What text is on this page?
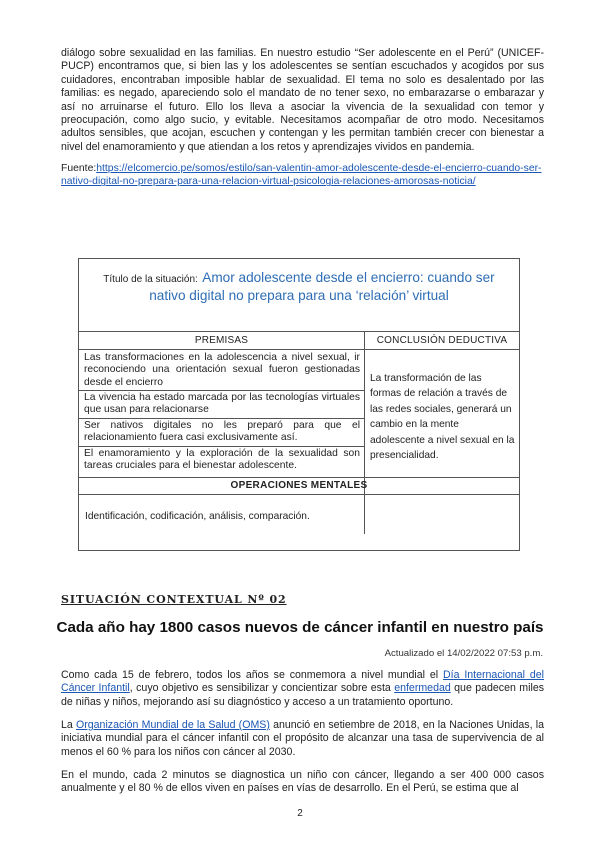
diálogo sobre sexualidad en las familias. En nuestro estudio “Ser adolescente en el Perú” (UNICEF-PUCP) encontramos que, si bien las y los adolescentes se sentían escuchados y acogidos por sus cuidadores, encontraban imposible hablar de sexualidad. El tema no solo es desalentado por las familias: es negado, apareciendo solo el mandato de no tener sexo, no embarazarse o embarazar y así no arruinarse el futuro. Ello los lleva a asociar la vivencia de la sexualidad con temor y preocupación, como algo sucio, y evitable. Necesitamos acompañar de otro modo. Necesitamos adultos sensibles, que acojan, escuchen y contengan y les permitan también crecer con bienestar a nivel del enamoramiento y que atiendan a los retos y aprendizajes vividos en pandemia.

Fuente:https://elcomercio.pe/somos/estilo/san-valentin-amor-adolescente-desde-el-encierro-cuando-ser-nativo-digital-no-prepara-para-una-relacion-virtual-psicologia-relaciones-amorosas-noticia/

Título de la situación: Amor adolescente desde el encierro: cuando ser
nativo digital no prepara para una ‘relación’ virtual
PREMISAS	CONCLUSIÓN DEDUCTIVA
Las transformaciones en la adolescencia a nivel sexual, ir reconociendo una orientación sexual fueron gestionadas desde el encierro
La vivencia ha estado marcada por las tecnologías virtuales que usan para relacionarse
Ser nativos digitales no les preparó para que el relacionamiento fuera casi exclusivamente así.
El enamoramiento y la exploración de la sexualidad son tareas cruciales para el bienestar adolescente.
La transformación de las formas de relación a través de las redes sociales, generará un cambio en la mente adolescente a nivel sexual en la presencialidad.
OPERACIONES MENTALES
Identificación, codificación, análisis, comparación.
SITUACIÓN CONTEXTUAL Nº 02
Cada año hay 1800 casos nuevos de cáncer infantil en nuestro país
Actualizado el 14/02/2022 07:53 p.m.

Como cada 15 de febrero, todos los años se conmemora a nivel mundial el Día Internacional del Cáncer Infantil, cuyo objetivo es sensibilizar y concientizar sobre esta enfermedad que padecen miles de niñas y niños, mejorando así su diagnóstico y acceso a un tratamiento oportuno.

La Organización Mundial de la Salud (OMS) anunció en setiembre de 2018, en la Naciones Unidas, la iniciativa mundial para el cáncer infantil con el propósito de alcanzar una tasa de supervivencia de al menos el 60 % para los niños con cáncer al 2030.

En el mundo, cada 2 minutos se diagnostica un niño con cáncer, llegando a ser 400 000 casos anualmente y el 80 % de ellos viven en países en vías de desarrollo. En el Perú, se estima que al

2
